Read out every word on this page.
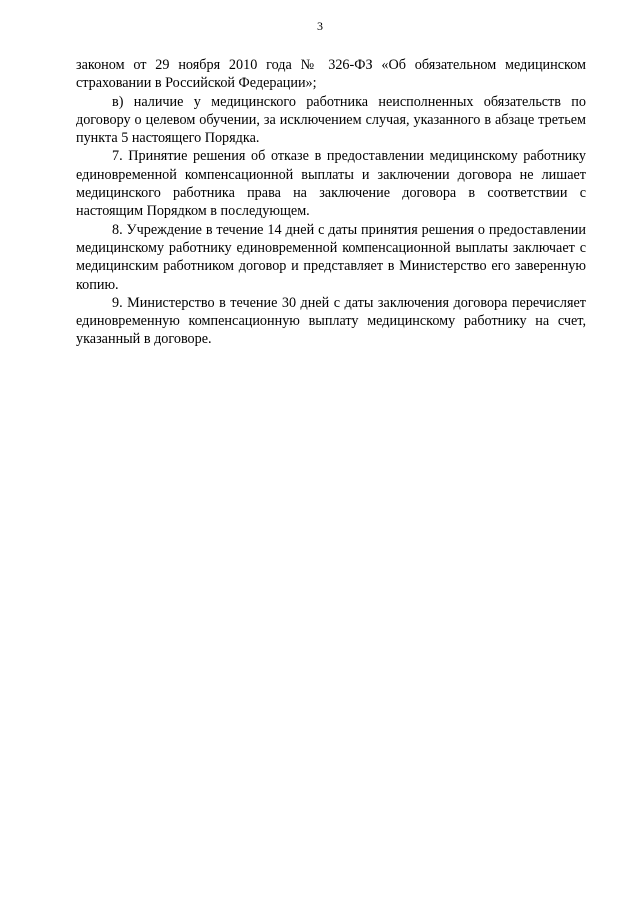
3

законом от 29 ноября 2010 года № 326-ФЗ «Об обязательном медицинском страховании в Российской Федерации»;

в) наличие у медицинского работника неисполненных обязательств по договору о целевом обучении, за исключением случая, указанного в абзаце третьем пункта 5 настоящего Порядка.

7. Принятие решения об отказе в предоставлении медицинскому работнику единовременной компенсационной выплаты и заключении договора не лишает медицинского работника права на заключение договора в соответствии с настоящим Порядком в последующем.

8. Учреждение в течение 14 дней с даты принятия решения о предоставлении медицинскому работнику единовременной компенсационной выплаты заключает с медицинским работником договор и представляет в Министерство его заверенную копию.

9. Министерство в течение 30 дней с даты заключения договора перечисляет единовременную компенсационную выплату медицинскому работнику на счет, указанный в договоре.
